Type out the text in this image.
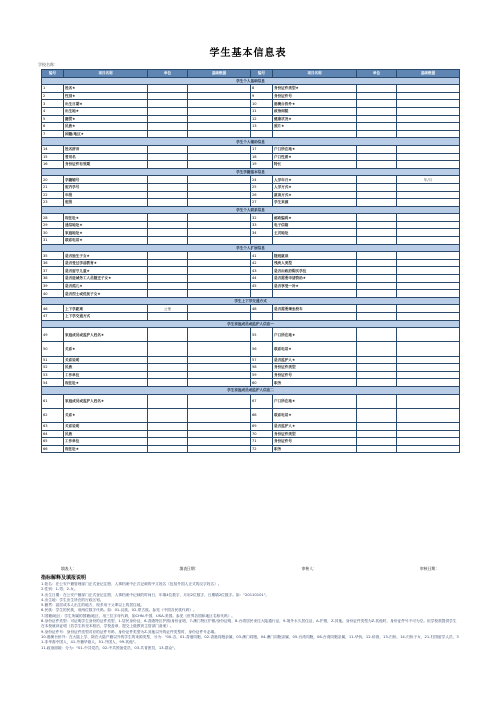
学生基本信息表
学校名称：
编号	项目名称	单位	基础数据	编号	项目名称	单位	基础数据
学生个人基础信息							
1	姓名★			8	身份证件类型★		
2	性别★			9	身份证件号		
3	出生日期★			10	港澳台侨外★		
4	出生地★			11	政治面貌		
5	籍贯★			12	健康状况★		
6	民族★			13	照片★		
7	国籍/地区★						
学生个人辅助信息							
14	姓名拼音			17	户口所在地★		
15	曾用名			18	户口性质★		
16	身份证件有效期			19	特长		
学生学籍基本信息							
20	学籍辅号			24	入学年月★		年/月
21	班内学号			25	入学方式★		
22	年级			26	就读方式★		
23	班级			27	学生来源		
学生个人联系信息							
28	现住址★			32	邮政编码★		
29	通信地址★			33	电子信箱		
30	家庭地址★			34	主页地址		
31	联系电话★						
学生个人扩展信息							
35	是否独生子女★			41	随班就读		
36	是否受过学前教育★			42	残疾人类型		
37	是否留守儿童★			43	是否由政府购买学位		
38	是否进城务工人员随迁子女★			44	是否需要申请资助★		
39	是否孤儿★			45	是否享受一补★		
40	是否烈士或优抚子女★						
学生上下学交通方式							
46	上下学距离	公里		48	是否需要乘坐校车		
47	上下学交通方式						
学生家庭成员或监护人信息一							
49	家庭成员或监护人姓名★			55	户口所在地★		
50	关系★			56	联系电话★		
51	关系说明			57	是否监护人★		
52	民族			58	身份证件类型		
53	工作单位			59	身份证件号		
54	现住址★			60	职务		
学生家庭成员或监护人信息二							
61	家庭成员或监护人姓名★			67	户口所在地★		
62	关系★			68	联系电话★		
63	关系说明			69	是否监护人★		
64	民族			70	身份证件类型		
65	工作单位			71	身份证件号		
66	现住址★			72	职务		
填表人：	填表日期：	审核人：	审核日期：
指标解释及填报说明
1.姓名：在公安户籍管理部门正式登记注册、人事档案中正式记载的中文姓名（包括外国人正式的汉字姓名）。
2.性别：1-男；2-女。
3.出生日期：在公安户籍部门正式登记注册、人事档案中记载的时间日，年填4位数字，月用2位数字，日期填2位数字。如："20110101"。
4.出生地：学生出生所在的行政区划。
5.籍贯：祖居或本人出生的地方，现多用于父辈以上的居住地。
6.民族：学生的民族，用两位数字代码。如：01-汉族，02-蒙古族。参见《中国各民族代码》。
7.国籍/地区：学生所属的国籍/地区，用三位字母代码，如CHN-中国，USA-美国。参见《世界各国和地区名称代码》。
8.身份证件类型：可证明学生身份的证件类型，1-居民身份证，6-香港特区护照/身份证明，7-澳门特区护照/身份证明，8-台湾居民来往大陆通行证，9-境外永久居住证，A-护照，Z-其他。身份证件类型为Z-其他时，身份证件号不可为空。但学校需提供学生在本校就读证明（若学生转至本校后，学校盖章，提交上级教育主管部门备案）。
9.身份证件号：身份证件类型对应的证件号码，身份证件类型为Z-其他以外的证件类型时，身份证件号必填。
10.港澳台侨外：在大陆上学、除在大陆户籍以外的学生的来源类型，分为："00-否，01-香港同胞，02-香港同胞亲属，03-澳门同胞，04-澳门同胞亲属，05-台湾同胞，06-台湾同胞亲属，11-华侨，12-侨眷，13-归侨，14-归侨子女，21-归国留学人员，31-非华裔中国人，41-外籍华裔人，51-外国人，99-其他"。
11.政治面貌：分为："01-中共党员，02-中共预备党员，03-共青团员，13-群众"。
